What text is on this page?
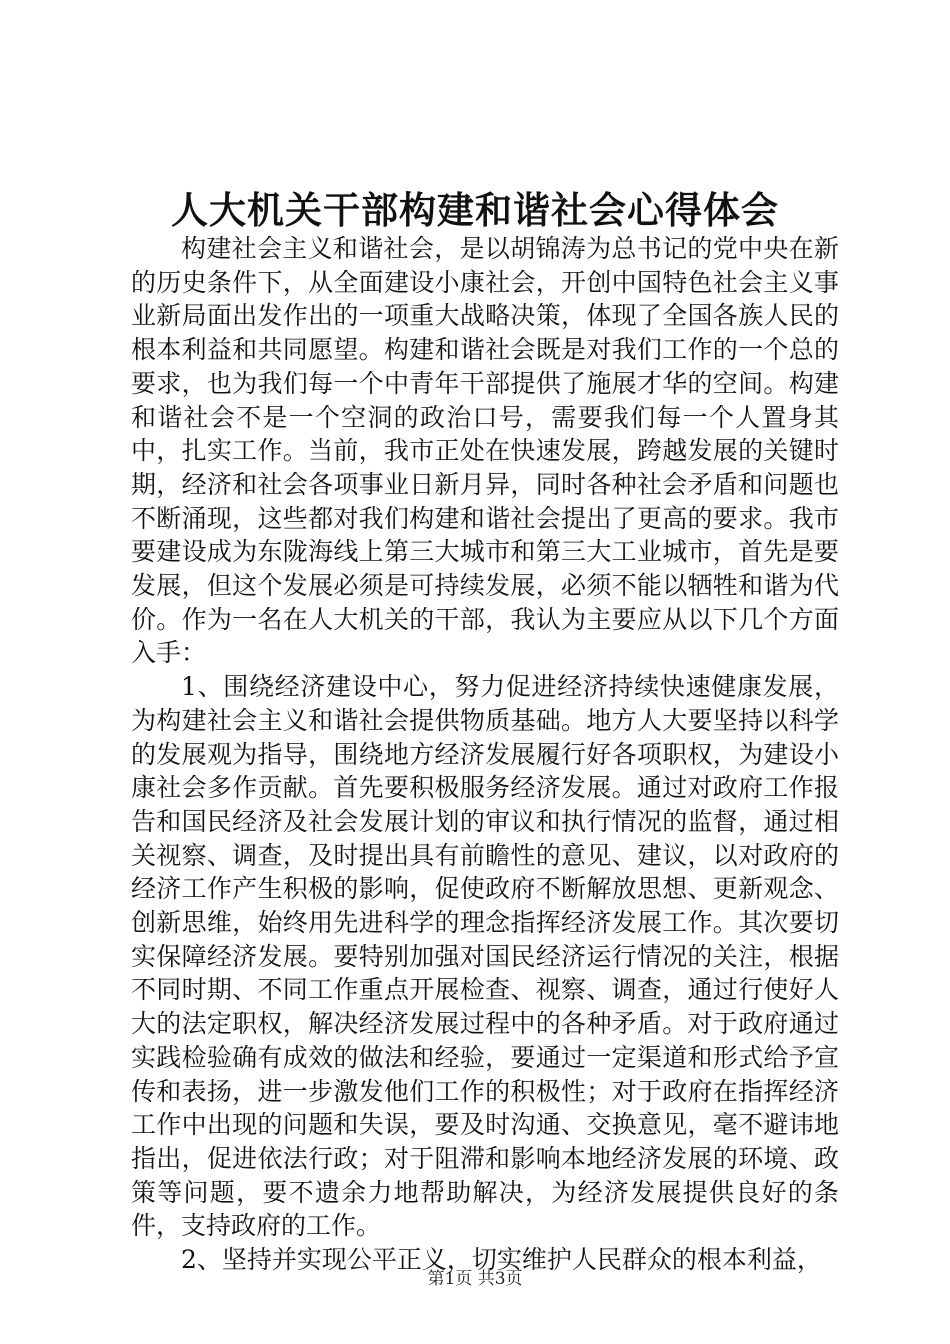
人大机关干部构建和谐社会心得体会

构建社会主义和谐社会，是以胡锦涛为总书记的党中央在新的历史条件下，从全面建设小康社会，开创中国特色社会主义事业新局面出发作出的一项重大战略决策，体现了全国各族人民的根本利益和共同愿望。构建和谐社会既是对我们工作的一个总的要求，也为我们每一个中青年干部提供了施展才华的空间。构建和谐社会不是一个空洞的政治口号，需要我们每一个人置身其中，扎实工作。当前，我市正处在快速发展，跨越发展的关键时期，经济和社会各项事业日新月异，同时各种社会矛盾和问题也不断涌现，这些都对我们构建和谐社会提出了更高的要求。我市要建设成为东陇海线上第三大城市和第三大工业城市，首先是要发展，但这个发展必须是可持续发展，必须不能以牺牲和谐为代价。作为一名在人大机关的干部，我认为主要应从以下几个方面入手：

1、围绕经济建设中心，努力促进经济持续快速健康发展，为构建社会主义和谐社会提供物质基础。地方人大要坚持以科学的发展观为指导，围绕地方经济发展履行好各项职权，为建设小康社会多作贡献。首先要积极服务经济发展。通过对政府工作报告和国民经济及社会发展计划的审议和执行情况的监督，通过相关视察、调查，及时提出具有前瞻性的意见、建议，以对政府的经济工作产生积极的影响，促使政府不断解放思想、更新观念、创新思维，始终用先进科学的理念指挥经济发展工作。其次要切实保障经济发展。要特别加强对国民经济运行情况的关注，根据不同时期、不同工作重点开展检查、视察、调查，通过行使好人大的法定职权，解决经济发展过程中的各种矛盾。对于政府通过实践检验确有成效的做法和经验，要通过一定渠道和形式给予宣传和表扬，进一步激发他们工作的积极性；对于政府在指挥经济工作中出现的问题和失误，要及时沟通、交换意见，毫不避讳地指出，促进依法行政；对于阻滞和影响本地经济发展的环境、政策等问题，要不遗余力地帮助解决，为经济发展提供良好的条件，支持政府的工作。

2、坚持并实现公平正义，切实维护人民群众的根本利益，

第1页 共3页
